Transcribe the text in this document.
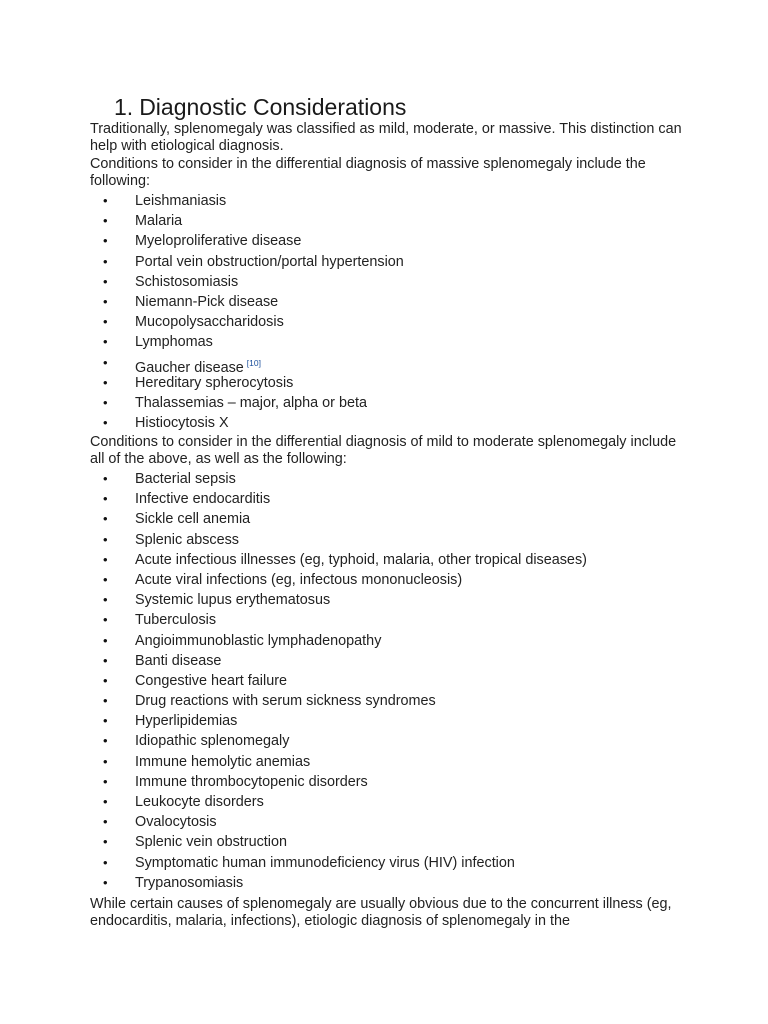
1. Diagnostic Considerations
Traditionally, splenomegaly was classified as mild, moderate, or massive. This distinction can help with etiological diagnosis.
Conditions to consider in the differential diagnosis of massive splenomegaly include the following:
• Leishmaniasis
• Malaria
• Myeloproliferative disease
• Portal vein obstruction/portal hypertension
• Schistosomiasis
• Niemann-Pick disease
• Mucopolysaccharidosis
• Lymphomas
• Gaucher disease [10]
• Hereditary spherocytosis
• Thalassemias – major, alpha or beta
• Histiocytosis X
Conditions to consider in the differential diagnosis of mild to moderate splenomegaly include all of the above, as well as the following:
• Bacterial sepsis
• Infective endocarditis
• Sickle cell anemia
• Splenic abscess
• Acute infectious illnesses (eg, typhoid, malaria, other tropical diseases)
• Acute viral infections (eg, infectous mononucleosis)
• Systemic lupus erythematosus
• Tuberculosis
• Angioimmunoblastic lymphadenopathy
• Banti disease
• Congestive heart failure
• Drug reactions with serum sickness syndromes
• Hyperlipidemias
• Idiopathic splenomegaly
• Immune hemolytic anemias
• Immune thrombocytopenic disorders
• Leukocyte disorders
• Ovalocytosis
• Splenic vein obstruction
• Symptomatic human immunodeficiency virus (HIV) infection
• Trypanosomiasis
While certain causes of splenomegaly are usually obvious due to the concurrent illness (eg, endocarditis, malaria, infections), etiologic diagnosis of splenomegaly in the
